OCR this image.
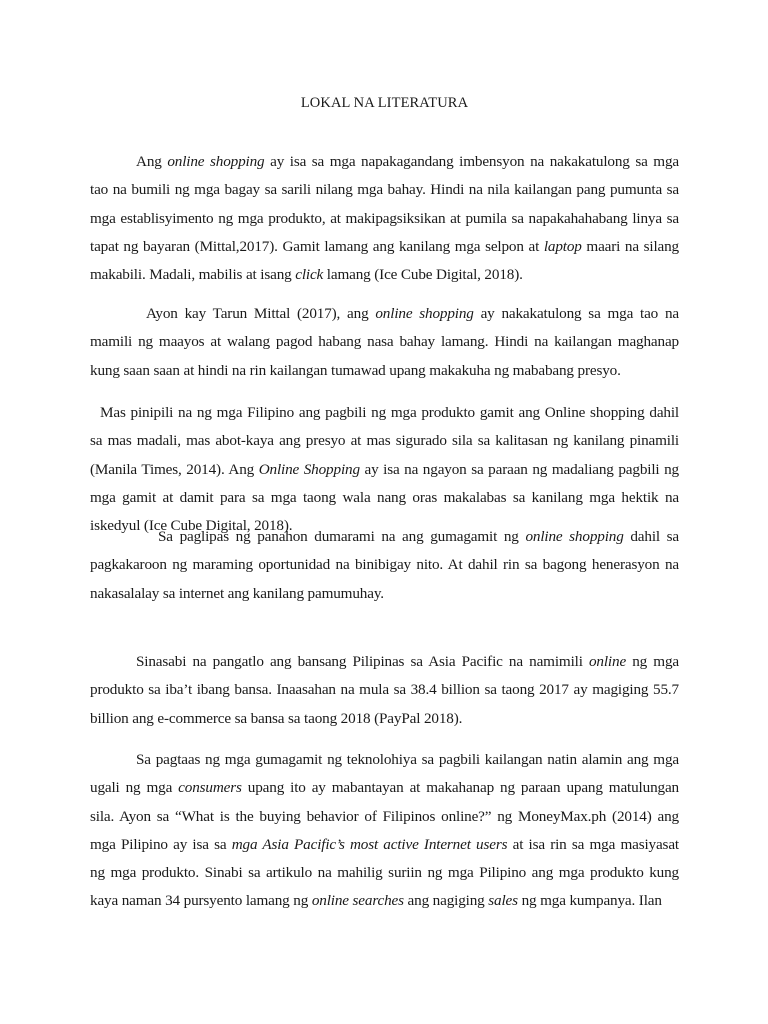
LOKAL NA LITERATURA
Ang online shopping ay isa sa mga napakagandang imbensyon na nakakatulong sa mga
tao na bumili ng mga bagay sa sarili nilang mga bahay. Hindi na nila kailangan pang pumunta sa
mga establisyimento ng mga produkto, at makipagsiksikan at pumila sa napakahahabang linya sa
tapat ng bayaran (Mittal,2017). Gamit lamang ang kanilang mga selpon at laptop maari na silang
makabili. Madali, mabilis at isang click lamang (Ice Cube Digital, 2018).
Ayon kay Tarun Mittal (2017), ang online shopping ay nakakatulong sa mga tao na
mamili ng maayos at walang pagod habang nasa bahay lamang. Hindi na kailangan maghanap
kung saan saan at hindi na rin kailangan tumawad upang makakuha ng mababang presyo.
Mas pinipili na ng mga Filipino ang pagbili ng mga produkto gamit ang Online shopping dahil
sa mas madali, mas abot-kaya ang presyo at mas sigurado sila sa kalitasan ng kanilang pinamili
(Manila Times, 2014). Ang Online Shopping ay isa na ngayon sa paraan ng madaliang pagbili ng
mga gamit at damit para sa mga taong wala nang oras makalabas sa kanilang mga hektik na
iskedyul (Ice Cube Digital, 2018).
Sa paglipas ng panahon dumarami na ang gumagamit ng online shopping dahil sa
pagkakaroon ng maraming oportunidad na binibigay nito. At dahil rin sa bagong henerasyon na
nakasalalay sa internet ang kanilang pamumuhay.
Sinasabi na pangatlo ang bansang Pilipinas sa Asia Pacific na namimili online ng mga
produkto sa iba’t ibang bansa. Inaasahan na mula sa 38.4 billion sa taong 2017 ay magiging 55.7
billion ang e-commerce sa bansa sa taong 2018 (PayPal 2018).
Sa pagtaas ng mga gumagamit ng teknolohiya sa pagbili kailangan natin alamin ang mga
ugali ng mga consumers upang ito ay mabantayan at makahanap ng paraan upang matulungan
sila. Ayon sa “What is the buying behavior of Filipinos online?” ng MoneyMax.ph (2014) ang
mga Pilipino ay isa sa mga Asia Pacific’s most active Internet users at isa rin sa mga masiyasat
ng mga produkto. Sinabi sa artikulo na mahilig suriin ng mga Pilipino ang mga produkto kung
kaya naman 34 pursyento lamang ng online searches ang nagiging sales ng mga kumpanya. Ilan
